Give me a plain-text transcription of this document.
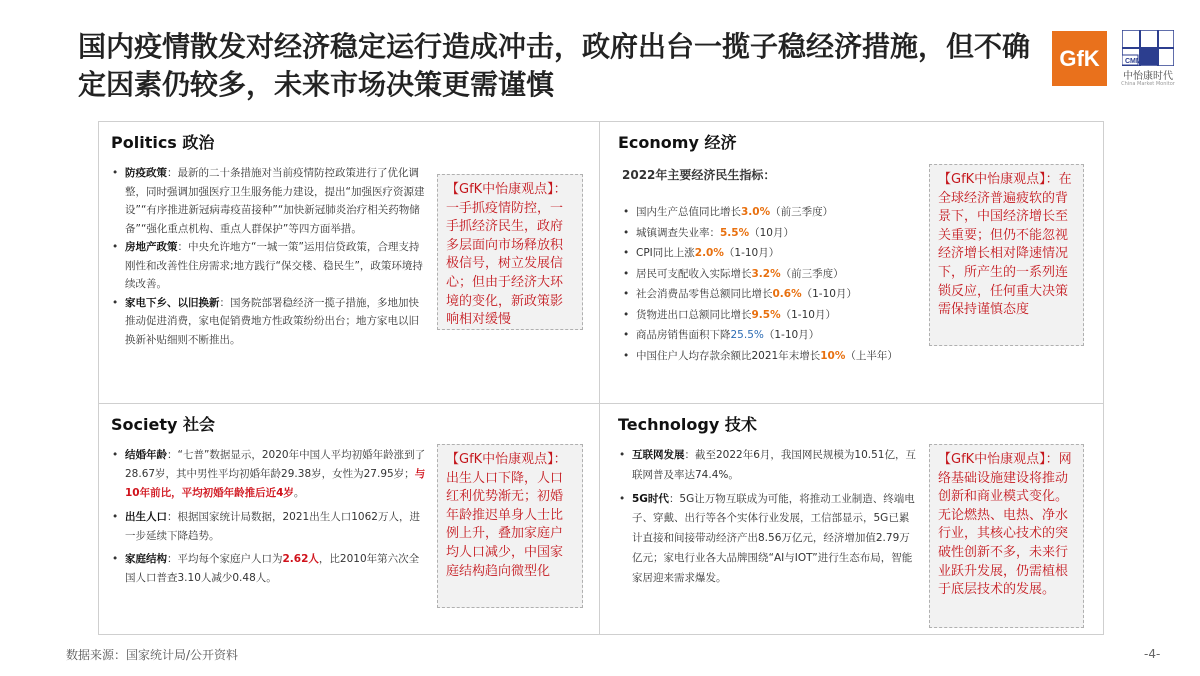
国内疫情散发对经济稳定运行造成冲击，政府出台一揽子稳经济措施，但不确定因素仍较多，未来市场决策更需谨慎
GfK	CMM
中怡康时代
China Market Monitor
Politics 政治
• 防疫政策：最新的二十条措施对当前疫情防控政策进行了优化调整，同时强调加强医疗卫生服务能力建设，提出“加强医疗资源建设”“有序推进新冠病毒疫苗接种”“加快新冠肺炎治疗相关药物储备”“强化重点机构、重点人群保护”等四方面举措。
• 房地产政策：中央允许地方“一城一策”运用信贷政策，合理支持刚性和改善性住房需求;地方践行“保交楼、稳民生”，政策环境持续改善。
• 家电下乡、以旧换新：国务院部署稳经济一揽子措施，多地加快推动促进消费，家电促销费地方性政策纷纷出台；地方家电以旧换新补贴细则不断推出。
【GfK中怡康观点】：一手抓疫情防控，一手抓经济民生，政府多层面向市场释放积极信号，树立发展信心；但由于经济大环境的变化，新政策影响相对缓慢
Economy 经济
2022年主要经济民生指标：
• 国内生产总值同比增长3.0%（前三季度）
• 城镇调查失业率：5.5%（10月）
• CPI同比上涨2.0%（1-10月）
• 居民可支配收入实际增长3.2%（前三季度）
• 社会消费品零售总额同比增长0.6%（1-10月）
• 货物进出口总额同比增长9.5%（1-10月）
• 商品房销售面积下降25.5%（1-10月）
• 中国住户人均存款余额比2021年末增长10%（上半年）
【GfK中怡康观点】：在全球经济普遍疲软的背景下，中国经济增长至关重要；但仍不能忽视经济增长相对降速情况下，所产生的一系列连锁反应，任何重大决策需保持谨慎态度
Society 社会
• 结婚年龄：“七普”数据显示，2020年中国人平均初婚年龄涨到了28.67岁，其中男性平均初婚年龄29.38岁，女性为27.95岁；与10年前比，平均初婚年龄推后近4岁。
• 出生人口：根据国家统计局数据，2021出生人口1062万人，进一步延续下降趋势。
• 家庭结构：平均每个家庭户人口为2.62人，比2010年第六次全国人口普查3.10人减少0.48人。
【GfK中怡康观点】：出生人口下降，人口红利优势渐无；初婚年龄推迟单身人士比例上升，叠加家庭户均人口减少，中国家庭结构趋向微型化
Technology 技术
• 互联网发展：截至2022年6月，我国网民规模为10.51亿，互联网普及率达74.4%。
• 5G时代：5G让万物互联成为可能，将推动工业制造、终端电子、穿戴、出行等各个实体行业发展，工信部显示，5G已累计直接和间接带动经济产出8.56万亿元，经济增加值2.79万亿元；家电行业各大品牌围绕“AI与IOT”进行生态布局，智能家居迎来需求爆发。
【GfK中怡康观点】：网络基础设施建设将推动创新和商业模式变化。无论燃热、电热、净水行业，其核心技术的突破性创新不多，未来行业跃升发展，仍需植根于底层技术的发展。
数据来源：国家统计局/公开资料	-4-
